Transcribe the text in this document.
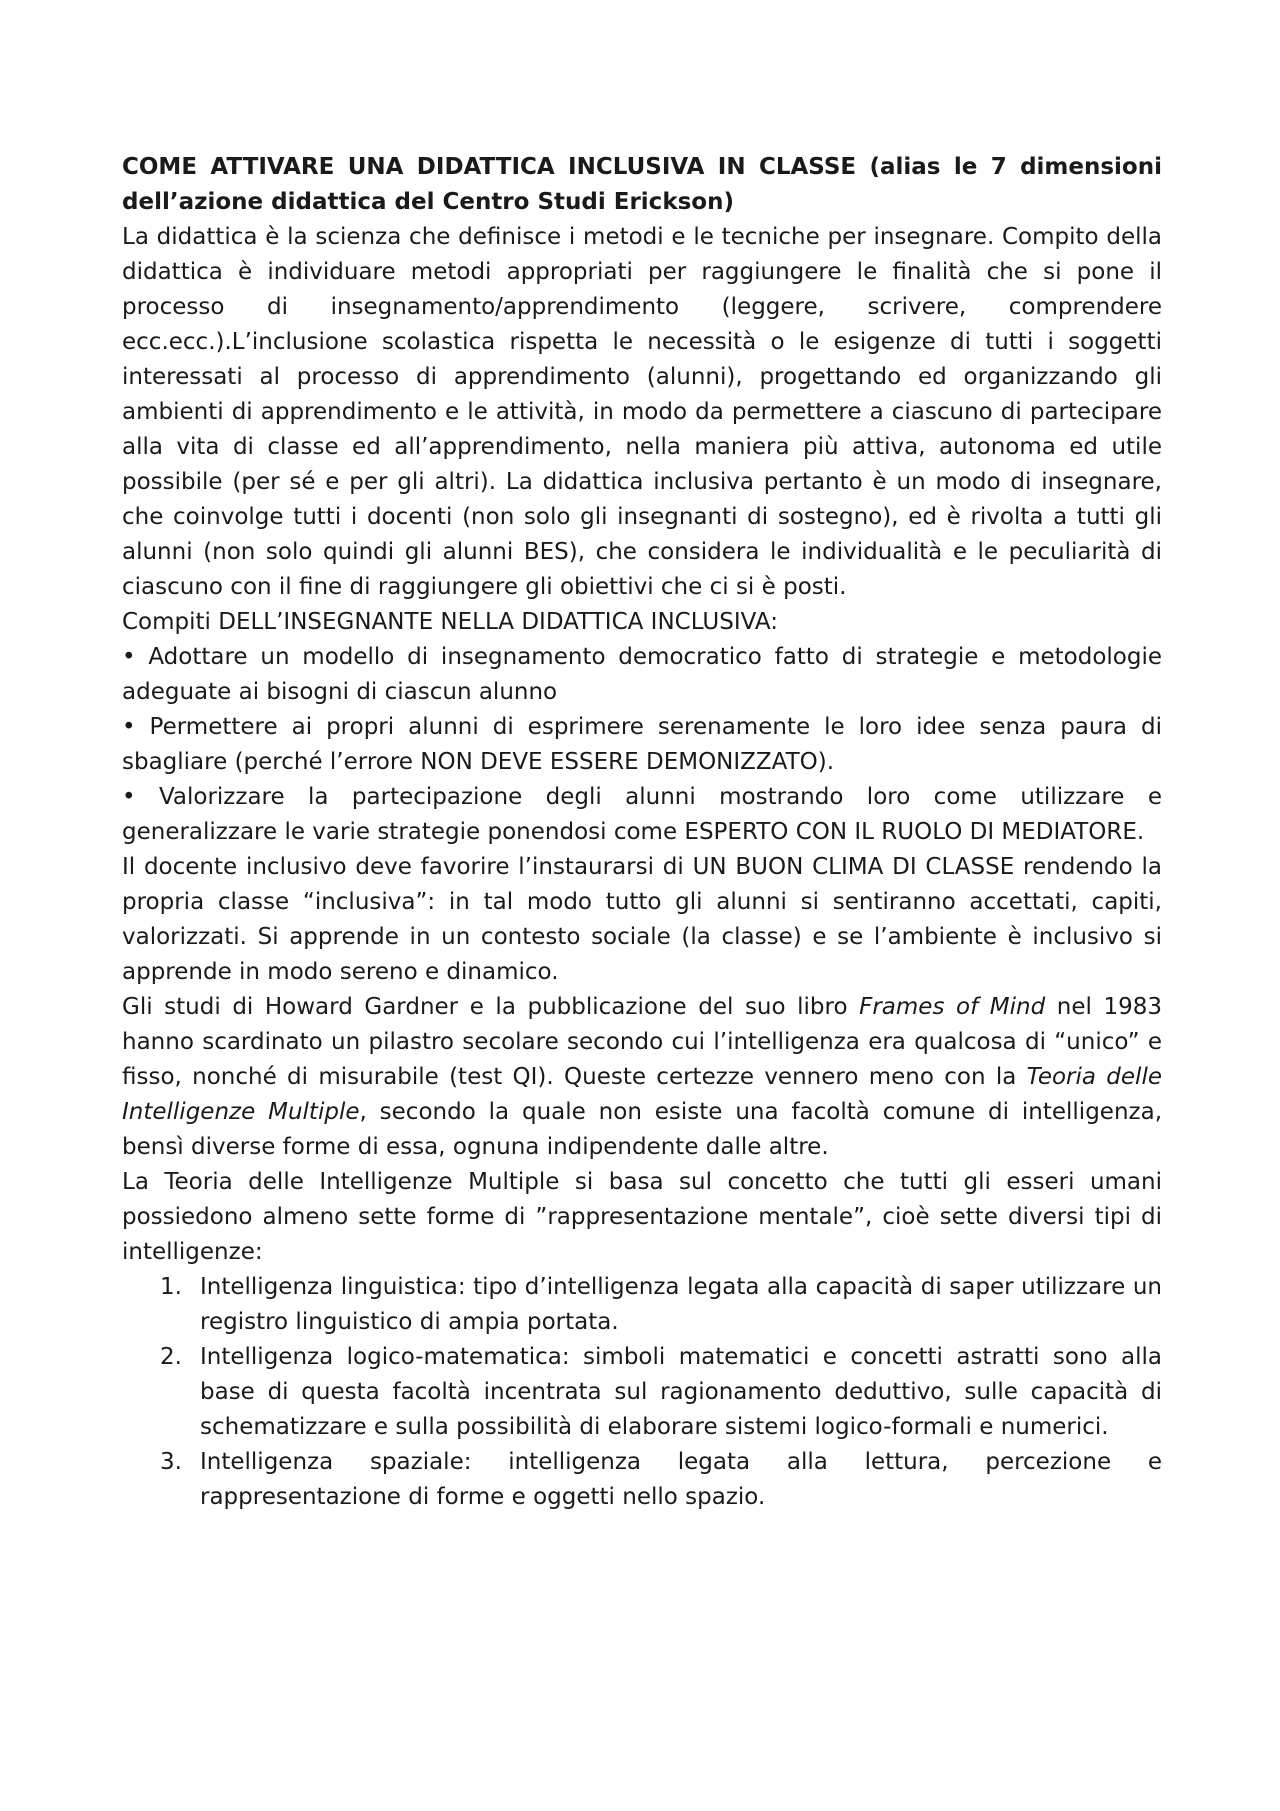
COME ATTIVARE UNA DIDATTICA INCLUSIVA IN CLASSE (alias le 7 dimensioni dell’azione didattica del Centro Studi Erickson)

La didattica è la scienza che definisce i metodi e le tecniche per insegnare. Compito della didattica è individuare metodi appropriati per raggiungere le finalità che si pone il processo di insegnamento/apprendimento (leggere, scrivere, comprendere ecc.ecc.).L’inclusione scolastica rispetta le necessità o le esigenze di tutti i soggetti interessati al processo di apprendimento (alunni), progettando ed organizzando gli ambienti di apprendimento e le attività, in modo da permettere a ciascuno di partecipare alla vita di classe ed all’apprendimento, nella maniera più attiva, autonoma ed utile possibile (per sé e per gli altri). La didattica inclusiva pertanto è un modo di insegnare, che coinvolge tutti i docenti (non solo gli insegnanti di sostegno), ed è rivolta a tutti gli alunni (non solo quindi gli alunni BES), che considera le individualità e le peculiarità di ciascuno con il fine di raggiungere gli obiettivi che ci si è posti.

Compiti DELL’INSEGNANTE NELLA DIDATTICA INCLUSIVA:

• Adottare un modello di insegnamento democratico fatto di strategie e metodologie adeguate ai bisogni di ciascun alunno

• Permettere ai propri alunni di esprimere serenamente le loro idee senza paura di sbagliare (perché l’errore NON DEVE ESSERE DEMONIZZATO).

• Valorizzare la partecipazione degli alunni mostrando loro come utilizzare e generalizzare le varie strategie ponendosi come ESPERTO CON IL RUOLO DI MEDIATORE.

Il docente inclusivo deve favorire l’instaurarsi di UN BUON CLIMA DI CLASSE rendendo la propria classe “inclusiva”: in tal modo tutto gli alunni si sentiranno accettati, capiti, valorizzati. Si apprende in un contesto sociale (la classe) e se l’ambiente è inclusivo si apprende in modo sereno e dinamico.

Gli studi di Howard Gardner e la pubblicazione del suo libro Frames of Mind nel 1983 hanno scardinato un pilastro secolare secondo cui l’intelligenza era qualcosa di “unico” e fisso, nonché di misurabile (test QI). Queste certezze vennero meno con la Teoria delle Intelligenze Multiple, secondo la quale non esiste una facoltà comune di intelligenza, bensì diverse forme di essa, ognuna indipendente dalle altre.

La Teoria delle Intelligenze Multiple si basa sul concetto che tutti gli esseri umani possiedono almeno sette forme di ”rappresentazione mentale”, cioè sette diversi tipi di intelligenze:

1. Intelligenza linguistica: tipo d’intelligenza legata alla capacità di saper utilizzare un registro linguistico di ampia portata.
2. Intelligenza logico-matematica: simboli matematici e concetti astratti sono alla base di questa facoltà incentrata sul ragionamento deduttivo, sulle capacità di schematizzare e sulla possibilità di elaborare sistemi logico-formali e numerici.
3. Intelligenza spaziale: intelligenza legata alla lettura, percezione e rappresentazione di forme e oggetti nello spazio.
